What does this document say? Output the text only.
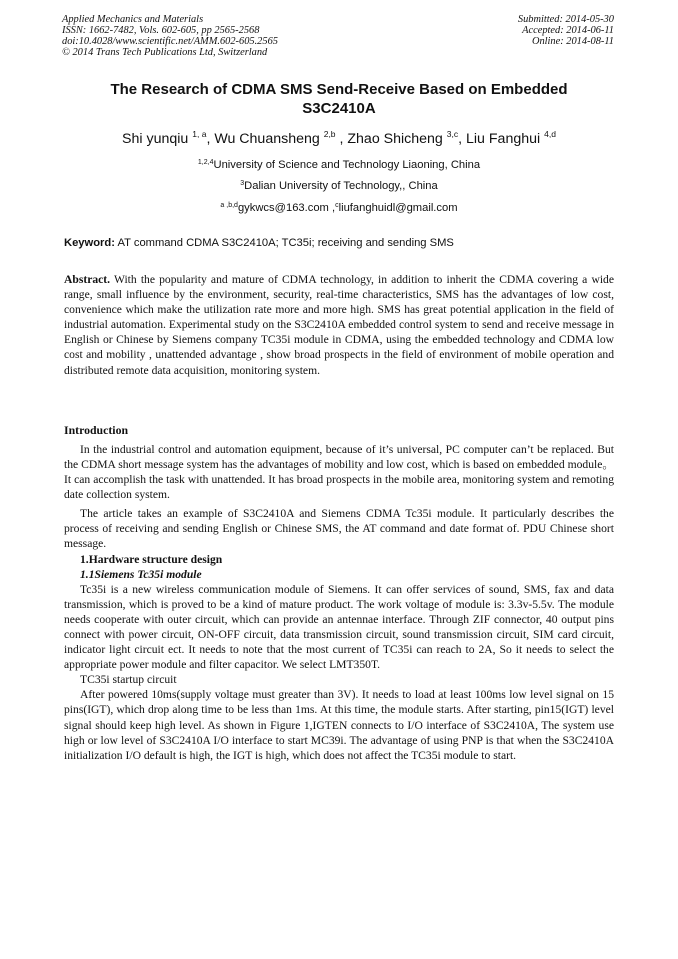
Applied Mechanics and Materials
ISSN: 1662-7482, Vols. 602-605, pp 2565-2568
doi:10.4028/www.scientific.net/AMM.602-605.2565
© 2014 Trans Tech Publications Ltd, Switzerland
Submitted: 2014-05-30
Accepted: 2014-06-11
Online: 2014-08-11
The Research of CDMA SMS Send-Receive Based on Embedded
S3C2410A
Shi yunqiu $^{1, a}$, Wu Chuansheng $^{2,b}$ , Zhao Shicheng $^{3,c}$, Liu Fanghui $^{4,d}$
$^{1,2,4}$University of Science and Technology Liaoning, China
$^3$Dalian University of Technology,, China
$^{a ,b,d}$gykwcs@163.com ,$^c$liufanghuidl@gmail.com
Keyword: AT command CDMA S3C2410A; TC35i; receiving and sending SMS
Abstract. With the popularity and mature of CDMA technology, in addition to inherit the CDMA covering a wide range, small influence by the environment, security, real-time characteristics, SMS has the advantages of low cost, convenience which make the utilization rate more and more high. SMS has great potential application in the field of industrial automation. Experimental study on the S3C2410A embedded control system to send and receive message in English or Chinese by Siemens company TC35i module in CDMA, using the embedded technology and CDMA low cost and mobility , unattended advantage , show broad prospects in the field of environment of mobile operation and distributed remote data acquisition, monitoring system.
Introduction

In the industrial control and automation equipment, because of it’s universal, PC computer can’t be replaced. But the CDMA short message system has the advantages of mobility and low cost, which is based on embedded module。It can accomplish the task with unattended. It has broad prospects in the mobile area, monitoring system and remoting date collection system.

The article takes an example of S3C2410A and Siemens CDMA Tc35i module. It particularly describes the process of receiving and sending English or Chinese SMS, the AT command and date format of. PDU Chinese short message.

1.Hardware structure design
1.1Siemens Tc35i module

Tc35i is a new wireless communication module of Siemens. It can offer services of sound, SMS, fax and data transmission, which is proved to be a kind of mature product. The work voltage of module is: 3.3v-5.5v. The module needs cooperate with outer circuit, which can provide an antennae interface. Through ZIF connector, 40 output pins connect with power circuit, ON-OFF circuit, data transmission circuit, sound transmission circuit, SIM card circuit, indicator light circuit ect. It needs to note that the most current of TC35i can reach to 2A, So it needs to select the appropriate power module and filter capacitor. We select LMT350T.

TC35i startup circuit

After powered 10ms(supply voltage must greater than 3V). It needs to load at least 100ms low level signal on 15 pins(IGT), which drop along time to be less than 1ms. At this time, the module starts. After starting, pin15(IGT) level signal should keep high level. As shown in Figure 1,IGTEN connects to I/O interface of S3C2410A, The system use high or low level of S3C2410A I/O interface to start MC39i. The advantage of using PNP is that when the S3C2410A initialization I/O default is high, the IGT is high, which does not affect the TC35i module to start.
